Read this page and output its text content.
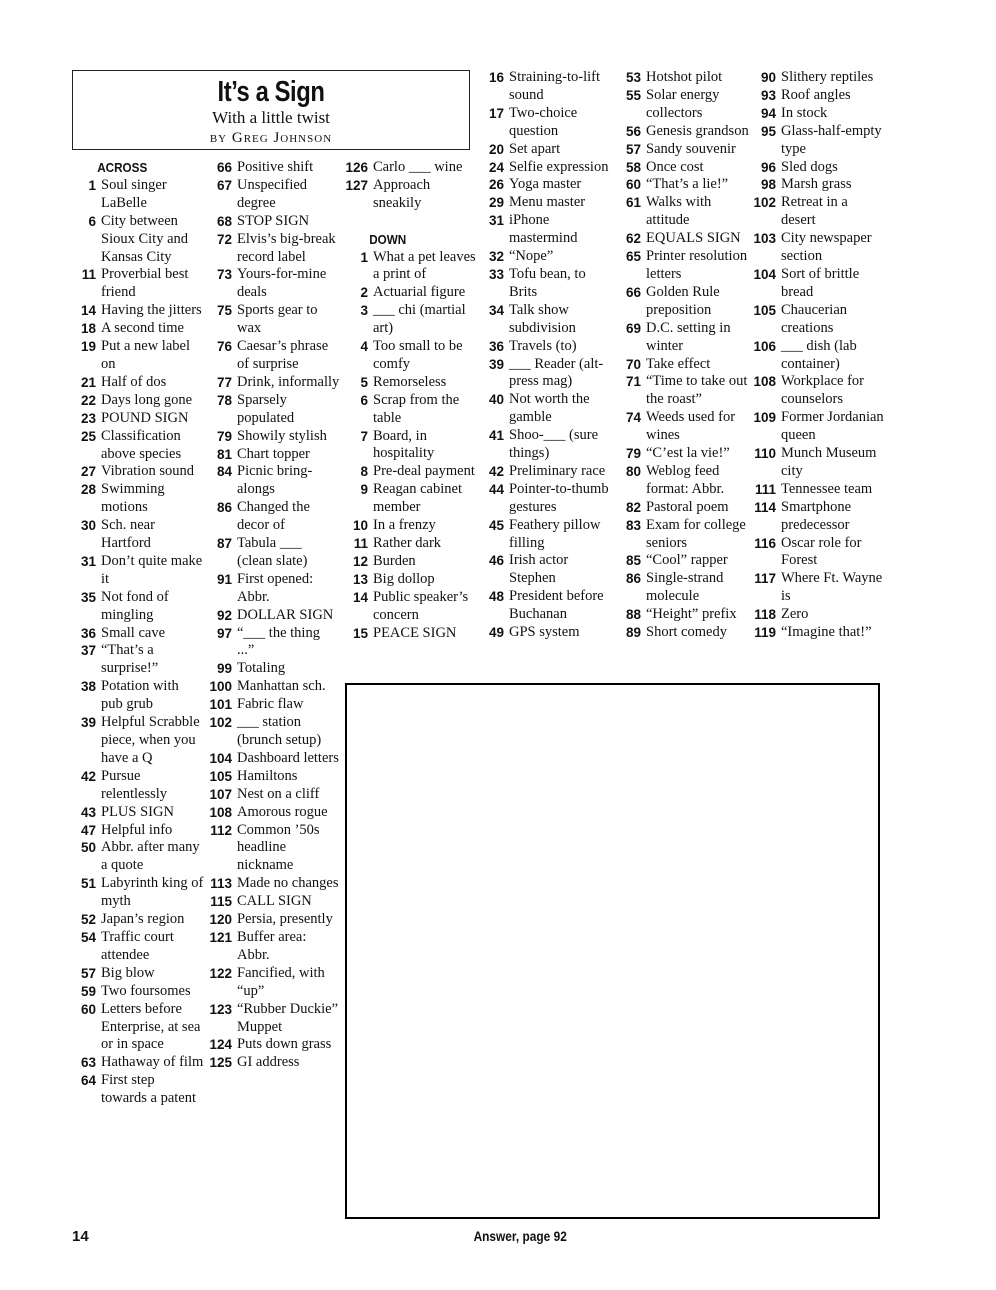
It’s a Sign
With a little twist
by Greg Johnson
ACROSS
1 Soul singer LaBelle
6 City between Sioux City and Kansas City
11 Proverbial best friend
14 Having the jitters
18 A second time
19 Put a new label on
21 Half of dos
22 Days long gone
23 POUND SIGN
25 Classification above species
27 Vibration sound
28 Swimming motions
30 Sch. near Hartford
31 Don’t quite make it
35 Not fond of mingling
36 Small cave
37 “That’s a surprise!”
38 Potation with pub grub
39 Helpful Scrabble piece, when you have a Q
42 Pursue relentlessly
43 PLUS SIGN
47 Helpful info
50 Abbr. after many a quote
51 Labyrinth king of myth
52 Japan’s region
54 Traffic court attendee
57 Big blow
59 Two foursomes
60 Letters before Enterprise, at sea or in space
63 Hathaway of film
64 First step towards a patent
66 Positive shift
67 Unspecified degree
68 STOP SIGN
72 Elvis’s big-break record label
73 Yours-for-mine deals
75 Sports gear to wax
76 Caesar’s phrase of surprise
77 Drink, informally
78 Sparsely populated
79 Showily stylish
81 Chart topper
84 Picnic bring-alongs
86 Changed the decor of
87 Tabula ___ (clean slate)
91 First opened: Abbr.
92 DOLLAR SIGN
97 “___ the thing ...”
99 Totaling
100 Manhattan sch.
101 Fabric flaw
102 ___ station (brunch setup)
104 Dashboard letters
105 Hamiltons
107 Nest on a cliff
108 Amorous rogue
112 Common ’50s headline nickname
113 Made no changes
115 CALL SIGN
120 Persia, presently
121 Buffer area: Abbr.
122 Fancified, with “up”
123 “Rubber Duckie” Muppet
124 Puts down grass
125 GI address
126 Carlo ___ wine
127 Approach sneakily
DOWN
1 What a pet leaves a print of
2 Actuarial figure
3 ___ chi (martial art)
4 Too small to be comfy
5 Remorseless
6 Scrap from the table
7 Board, in hospitality
8 Pre-deal payment
9 Reagan cabinet member
10 In a frenzy
11 Rather dark
12 Burden
13 Big dollop
14 Public speaker’s concern
15 PEACE SIGN
16 Straining-to-lift sound
17 Two-choice question
20 Set apart
24 Selfie expression
26 Yoga master
29 Menu master
31 iPhone mastermind
32 “Nope”
33 Tofu bean, to Brits
34 Talk show subdivision
36 Travels (to)
39 ___ Reader (alt-press mag)
40 Not worth the gamble
41 Shoo-___ (sure things)
42 Preliminary race
44 Pointer-to-thumb gestures
45 Feathery pillow filling
46 Irish actor Stephen
48 President before Buchanan
49 GPS system
53 Hotshot pilot
55 Solar energy collectors
56 Genesis grandson
57 Sandy souvenir
58 Once cost
60 “That’s a lie!”
61 Walks with attitude
62 EQUALS SIGN
65 Printer resolution letters
66 Golden Rule preposition
69 D.C. setting in winter
70 Take effect
71 “Time to take out the roast”
74 Weeds used for wines
79 “C’est la vie!”
80 Weblog feed format: Abbr.
82 Pastoral poem
83 Exam for college seniors
85 “Cool” rapper
86 Single-strand molecule
88 “Height” prefix
89 Short comedy
90 Slithery reptiles
93 Roof angles
94 In stock
95 Glass-half-empty type
96 Sled dogs
98 Marsh grass
102 Retreat in a desert
103 City newspaper section
104 Sort of brittle bread
105 Chaucerian creations
106 ___ dish (lab container)
108 Workplace for counselors
109 Former Jordanian queen
110 Munch Museum city
111 Tennessee team
114 Smartphone predecessor
116 Oscar role for Forest
117 Where Ft. Wayne is
118 Zero
119 “Imagine that!”
14	Answer, page 92
